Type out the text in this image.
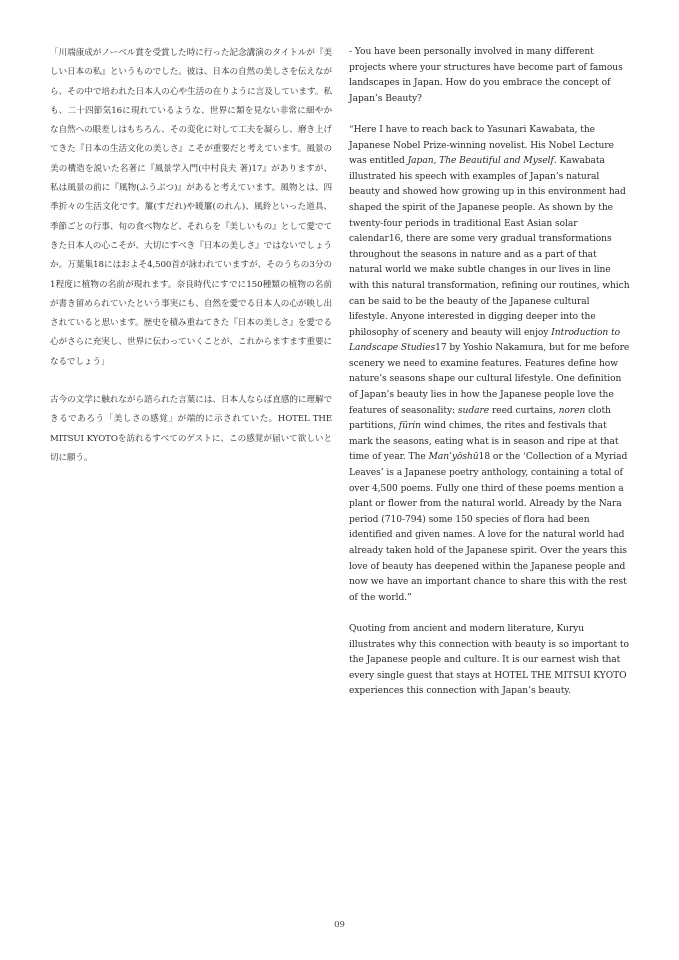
「川端康成がノーベル賞を受賞した時に行った記念講演のタイトルが『美しい日本の私』というものでした。彼は、日本の自然の美しさを伝えながら、その中で培われた日本人の心や生活の在りように言及しています。私も、二十四節気16に現れているような、世界に類を見ない非常に細やかな自然への眼差しはもちろん、その変化に対して工夫を凝らし、磨き上げてきた『日本の生活文化の美しさ』こそが重要だと考えています。風景の美の構造を説いた名著に『風景学入門(中村良夫 著)17』がありますが、私は風景の前に『風物(ふうぶつ)』があると考えています。風物とは、四季折々の生活文化です。簾(すだれ)や暖簾(のれん)、風鈴といった道具、季節ごとの行事、旬の食べ物など、それらを『美しいもの』として愛でてきた日本人の心こそが、大切にすべき『日本の美しさ』ではないでしょうか。万葉集18にはおよそ4,500首が詠われていますが、そのうちの3分の1程度に植物の名前が現れます。奈良時代にすでに150種類の植物の名前が書き留められていたという事実にも、自然を愛でる日本人の心が映し出されていると思います。歴史を積み重ねてきた『日本の美しさ』を愛でる心がさらに充実し、世界に伝わっていくことが、これからますます重要になるでしょう」

古今の文学に触れながら語られた言葉には、日本人ならば直感的に理解できるであろう「美しさの感覚」が端的に示されていた。HOTEL THE MITSUI KYOTOを訪れるすべてのゲストに、この感覚が届いて欲しいと切に願う。

- You have been personally involved in many different projects where your structures have become part of famous landscapes in Japan. How do you embrace the concept of Japan’s Beauty?

“Here I have to reach back to Yasunari Kawabata, the Japanese Nobel Prize-winning novelist. His Nobel Lecture was entitled Japan, The Beautiful and Myself. Kawabata illustrated his speech with examples of Japan’s natural beauty and showed how growing up in this environment had shaped the spirit of the Japanese people. As shown by the twenty-four periods in traditional East Asian solar calendar16, there are some very gradual transformations throughout the seasons in nature and as a part of that natural world we make subtle changes in our lives in line with this natural transformation, refining our routines, which can be said to be the beauty of the Japanese cultural lifestyle. Anyone interested in digging deeper into the philosophy of scenery and beauty will enjoy Introduction to Landscape Studies17 by Yoshio Nakamura, but for me before scenery we need to examine features. Features define how nature’s seasons shape our cultural lifestyle. One definition of Japan’s beauty lies in how the Japanese people love the features of seasonality: sudare reed curtains, noren cloth partitions, fūrin wind chimes, the rites and festivals that mark the seasons, eating what is in season and ripe at that time of year. The Man’yōshū18 or the ‘Collection of a Myriad Leaves’ is a Japanese poetry anthology, containing a total of over 4,500 poems. Fully one third of these poems mention a plant or flower from the natural world. Already by the Nara period (710-794) some 150 species of flora had been identified and given names. A love for the natural world had already taken hold of the Japanese spirit. Over the years this love of beauty has deepened within the Japanese people and now we have an important chance to share this with the rest of the world.”

Quoting from ancient and modern literature, Kuryu illustrates why this connection with beauty is so important to the Japanese people and culture. It is our earnest wish that every single guest that stays at HOTEL THE MITSUI KYOTO experiences this connection with Japan’s beauty.

09
